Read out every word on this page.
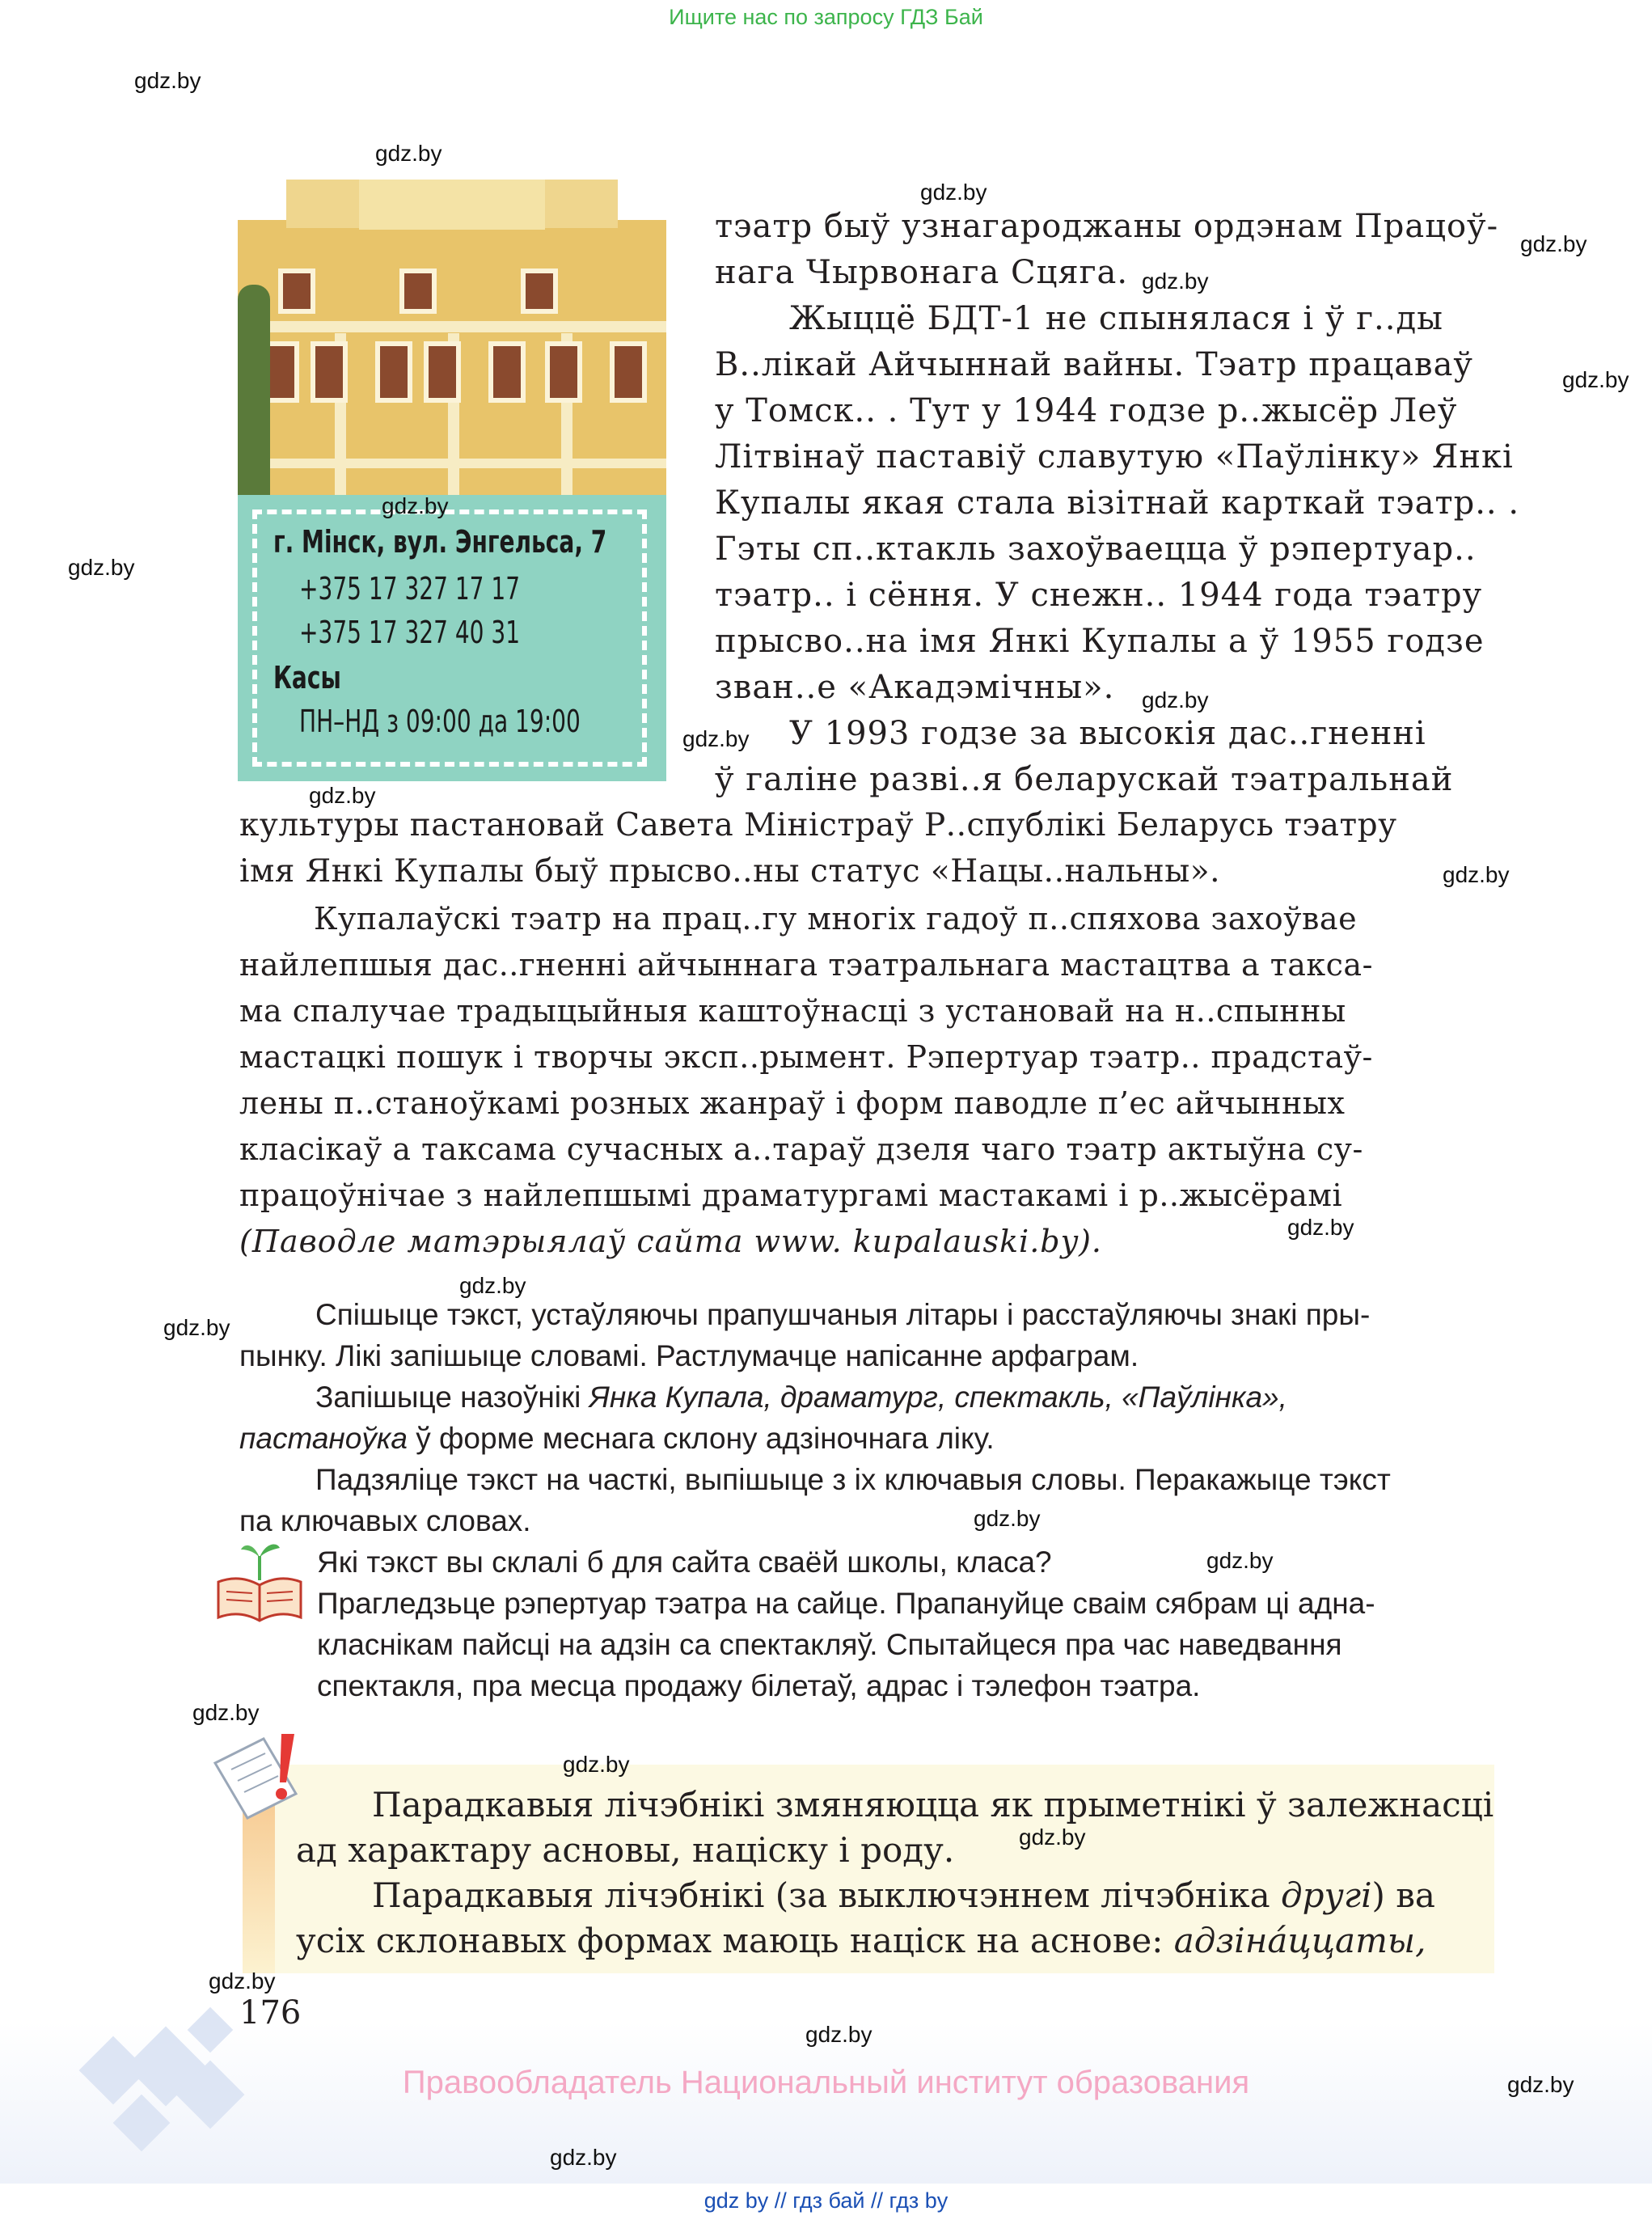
Ищите нас по запросу ГДЗ Бай
г. Мінск, вул. Энгельса, 7
+375 17 327 17 17
+375 17 327 40 31
Касы
ПН–НД з 09:00 да 19:00
тэатр быў узнагароджаны ордэнам Працоў-
нага Чырвонага Сцяга.
Жыццё БДТ-1 не спынялася і ў г..ды
В..лікай Айчыннай вайны. Тэатр працаваў
у Томск.. . Тут у 1944 годзе р..жысёр Леў
Літвінаў паставіў славутую «Паўлінку» Янкі
Купалы якая стала візітнай карткай тэатр.. .
Гэты сп..ктакль захоўваецца ў рэпертуар..
тэатр.. і сёння. У снежн.. 1944 года тэатру
прысво..на імя Янкі Купалы а ў 1955 годзе
зван..е «Акадэмічны».
У 1993 годзе за высокія дас..гненні
ў галіне разві..я беларускай тэатральнай
культуры пастановай Савета Міністраў Р..спублікі Беларусь тэатру
імя Янкі Купалы быў прысво..ны статус «Нацы..нальны».
Купалаўскі тэатр на прац..гу многіх гадоў п..спяхова захоўвае
найлепшыя дас..гненні айчыннага тэатральнага мастацтва а такса-
ма спалучае традыцыйныя каштоўнасці з установай на н..спынны
мастацкі пошук і творчы эксп..рымент. Рэпертуар тэатр.. прадстаў-
лены п..станоўкамі розных жанраў і форм паводле п’ес айчынных
класікаў а таксама сучасных а..тараў дзеля чаго тэатр актыўна су-
працоўнічае з найлепшымі драматургамі мастакамі і р..жысёрамі
(Паводле матэрыялаў сайта www. kupalauski.by).
Спішыце тэкст, устаўляючы прапушчаныя літары і расстаўляючы знакі пры-
пынку. Лікі запішыце словамі. Растлумачце напісанне арфаграм.
Запішыце назоўнікі Янка Купала, драматург, спектакль, «Паўлінка»,
пастаноўка ў форме меснага склону адзіночнага ліку.
Падзяліце тэкст на часткі, выпішыце з іх ключавыя словы. Перакажыце тэкст
па ключавых словах.
Які тэкст вы склалі б для сайта сваёй школы, класа?
Прагледзьце рэпертуар тэатра на сайце. Прапануйце сваім сябрам ці адна-
класнікам пайсці на адзін са спектакляў. Спытайцеся пра час наведвання
спектакля, пра месца продажу білетаў, адрас і тэлефон тэатра.
Парадкавыя лічэбнікі змяняюцца як прыметнікі ў залежнасці
ад характару асновы, націску і роду.
Парадкавыя лічэбнікі (за выключэннем лічэбніка другі) ва
усіх склонавых формах маюць націск на аснове: адзіна́ццаты,
176
Правообладатель Национальный институт образования
gdz by // гдз бай // гдз by
gdz.by
gdz.by
gdz.by
gdz.by
gdz.by
gdz.by
gdz.by
gdz.by
gdz.by
gdz.by
gdz.by
gdz.by
gdz.by
gdz.by
gdz.by
gdz.by
gdz.by
gdz.by
gdz.by
gdz.by
gdz.by
gdz.by
gdz.by
gdz.by
